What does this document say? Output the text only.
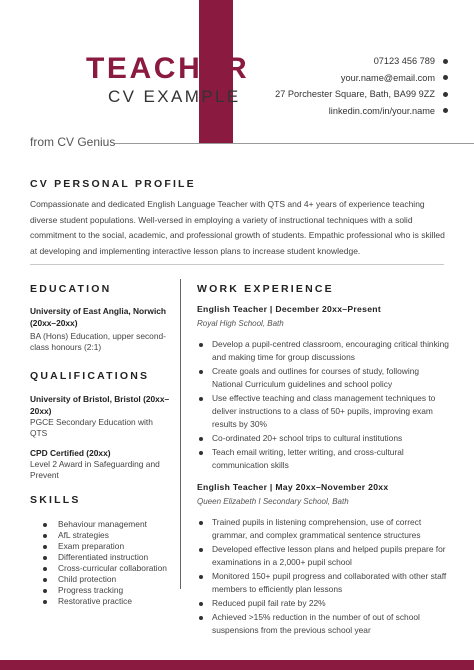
TEACHER
CV EXAMPLE
07123 456 789
your.name@email.com
27 Porchester Square, Bath, BA99 9ZZ
linkedin.com/in/your.name
from CV Genius
CV PERSONAL PROFILE
Compassionate and dedicated English Language Teacher with QTS and 4+ years of experience teaching diverse student populations. Well-versed in employing a variety of instructional techniques with a solid commitment to the social, academic, and professional growth of students. Empathic professional who is skilled at developing and implementing interactive lesson plans to increase student knowledge.
EDUCATION
University of East Anglia, Norwich (20xx–20xx)
BA (Hons) Education, upper second-class honours (2:1)
QUALIFICATIONS
University of Bristol, Bristol (20xx–20xx)
PGCE Secondary Education with QTS
CPD Certified (20xx)
Level 2 Award in Safeguarding and Prevent
SKILLS
Behaviour management
AfL strategies
Exam preparation
Differentiated instruction
Cross-curricular collaboration
Child protection
Progress tracking
Restorative practice
WORK EXPERIENCE
English Teacher | December 20xx–Present
Royal High School, Bath
Develop a pupil-centred classroom, encouraging critical thinking and making time for group discussions
Create goals and outlines for courses of study, following National Curriculum guidelines and school policy
Use effective teaching and class management techniques to deliver instructions to a class of 50+ pupils, improving exam results by 30%
Co-ordinated 20+ school trips to cultural institutions
Teach email writing, letter writing, and cross-cultural communication skills
English Teacher | May 20xx–November 20xx
Queen Elizabeth I Secondary School, Bath
Trained pupils in listening comprehension, use of correct grammar, and complex grammatical sentence structures
Developed effective lesson plans and helped pupils prepare for examinations in a 2,000+ pupil school
Monitored 150+ pupil progress and collaborated with other staff members to efficiently plan lessons
Reduced pupil fail rate by 22%
Achieved >15% reduction in the number of out of school suspensions from the previous school year
